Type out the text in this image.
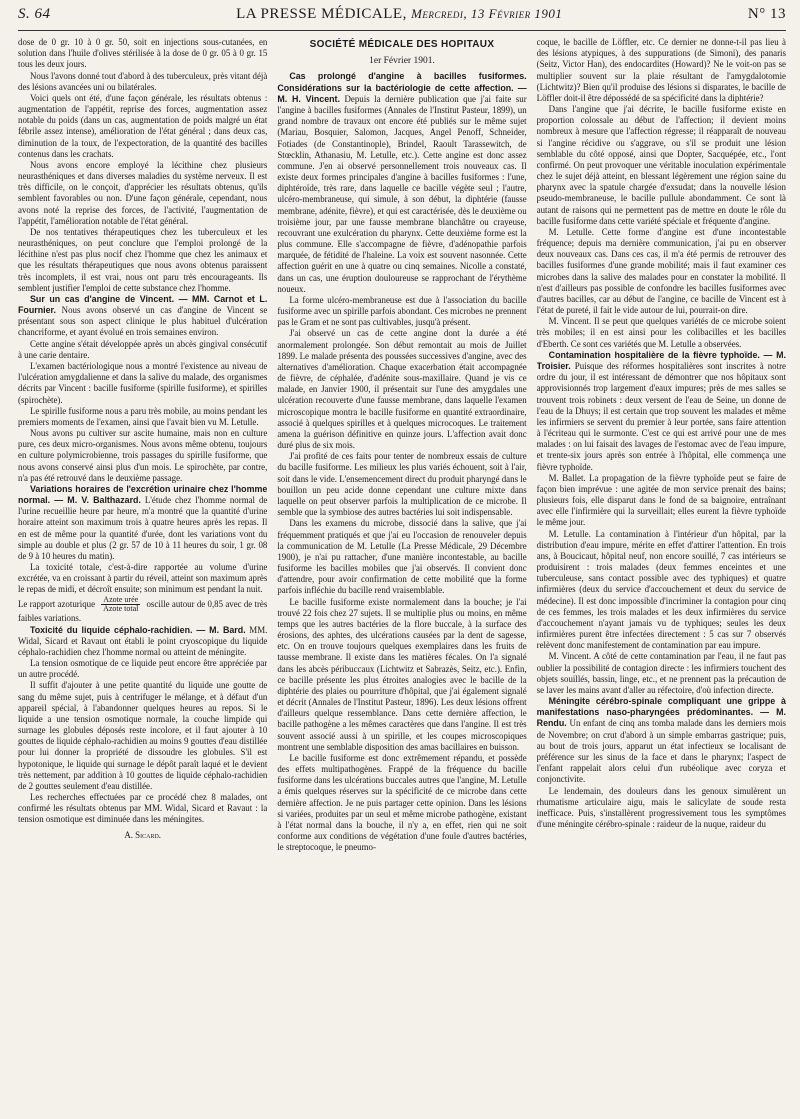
S. 64	LA PRESSE MÉDICALE, Mercredi, 13 Février 1901	N° 13

dose de 0 gr. 10 à 0 gr. 50, soit en injections sous-cutanées, en solution dans l'huile d'olives stérilisée à la dose de 0 gr. 05 à 0 gr. 15 tous les deux jours.

Nous l'avons donné tout d'abord à des tuberculeux, près vitant déjà des lésions avancées uni ou bilatérales.

Voici quels ont été, d'une façon générale, les résultats obtenus : augmentation de l'appétit, reprise des forces, augmentation assez notable du poids (dans un cas, augmentation de poids malgré un état fébrile assez intense), amélioration de l'état général ; dans deux cas, diminution de la toux, de l'expectoration, de la quantité des bacilles contenus dans les crachats.

Nous avons encore employé la lécithine chez plusieurs neurasthéniques et dans diverses maladies du système nerveux. Il est très difficile, on le conçoit, d'apprécier les résultats obtenus, qu'ils semblent favorables ou non. D'une façon générale, cependant, nous avons noté la reprise des forces, de l'activité, l'augmentation de l'appétit, l'amélioration notable de l'état général.

De nos tentatives thérapeutiques chez les tuberculeux et les neurasthéniques, on peut conclure que l'emploi prolongé de la lécithine n'est pas plus nocif chez l'homme que chez les animaux et que les résultats thérapeutiques que nous avons obtenus paraissent très incomplets, il est vrai, nous ont paru très encourageants. Ils semblent justifier l'emploi de cette substance chez l'homme.

Sur un cas d'angine de Vincent. — MM. Carnot et L. Fournier. Nous avons observé un cas d'angine de Vincent se présentant sous son aspect clinique le plus habituel d'ulcération chancriforme, et ayant évolué en trois semaines environ.

Cette angine s'était développée après un abcès gingival consécutif à une carie dentaire.

L'examen bactériologique nous a montré l'existence au niveau de l'ulcération amygdalienne et dans la salive du malade, des organismes décrits par Vincent : bacille fusiforme (spirille fusiforme), et spirilles (spirochète).

Le spirille fusiforme nous a paru très mobile, au moins pendant les premiers moments de l'examen, ainsi que l'avait bien vu M. Letulle.

Nous avons pu cultiver sur ascite humaine, mais non en culture pure, ces deux micro-organismes. Nous avons même obtenu, toujours en culture polymicrobienne, trois passages du spirille fusiforme, que nous avons conservé ainsi plus d'un mois. Le spirochète, par contre, n'a pas été retrouvé dans le deuxième passage.

Variations horaires de l'excrétion urinaire chez l'homme normal. — M. V. Balthazard. L'étude chez l'homme normal de l'urine recueillie heure par heure, m'a montré que la quantité d'urine horaire atteint son maximum trois à quatre heures après les repas. Il en est de même pour la quantité d'urée, dont les variations vont du simple au double et plus (2 gr. 57 de 10 à 11 heures du soir, 1 gr. 08 de 9 à 10 heures du matin).

La toxicité totale, c'est-à-dire rapportée au volume d'urine excrétée, va en croissant à partir du réveil, atteint son maximum après le repas de midi, et décroît ensuite; son minimum est pendant la nuit.

Le rapport azoturique $\frac{\text{Azote urée}}{\text{Azote total}}$ oscille autour de 0,85 avec de très faibles variations.

Toxicité du liquide céphalo-rachidien. — M. Bard. MM. Widal, Sicard et Ravaut ont établi le point cryoscopique du liquide céphalo-rachidien chez l'homme normal ou atteint de méningite.

La tension osmotique de ce liquide peut encore être appréciée par un autre procédé.

Il suffit d'ajouter à une petite quantité du liquide une goutte de sang du même sujet, puis à centrifuger le mélange, et à défaut d'un appareil spécial, à l'abandonner quelques heures au repos. Si le liquide a une tension osmotique normale, la couche limpide qui surnage les globules déposés reste incolore, et il faut ajouter à 10 gouttes de liquide céphalo-rachidien au moins 9 gouttes d'eau distillée pour lui donner la propriété de dissoudre les globules. S'il est hypotonique, le liquide qui surnage le dépôt paraît laqué et le devient très nettement, par addition à 10 gouttes de liquide céphalo-rachidien de 2 gouttes seulement d'eau distillée.

Les recherches effectuées par ce procédé chez 8 malades, ont confirmé les résultats obtenus par MM. Widal, Sicard et Ravaut : la tension osmotique est diminuée dans les méningites.

A. Sicard.
SOCIÉTÉ MÉDICALE DES HOPITAUX
1er Février 1901.

Cas prolongé d'angine à bacilles fusiformes. Considérations sur la bactériologie de cette affection. — M. H. Vincent. Depuis la dernière publication que j'ai faite sur l'angine à bacilles fusiformes (Annales de l'Institut Pasteur, 1899), un grand nombre de travaux ont encore été publiés sur le même sujet (Mariau, Bosquier, Salomon, Jacques, Angel Penoff, Schneider, Fotiades (de Constantinople), Brindel, Raoult Tarassewitch, de Stœcklin, Athanasiu, M. Letulle, etc.). Cette angine est donc assez commune. J'en ai observé personnellement trois nouveaux cas. Il existe deux formes principales d'angine à bacilles fusiformes : l'une, diphtéroïde, très rare, dans laquelle ce bacille végète seul ; l'autre, ulcéro-membraneuse, qui simule, à son début, la diphtérie (fausse membrane, adénite, fièvre), et qui est caractérisée, dès le deuxième ou troisième jour, par une fausse membrane blanchâtre ou crayeuse, recouvrant une exulcération du pharynx. Cette deuxième forme est la plus commune. Elle s'accompagne de fièvre, d'adénopathie parfois marquée, de fétidité de l'haleine. La voix est souvent nasonnée. Cette affection guérit en une à quatre ou cinq semaines. Nicolle a constaté, dans un cas, une éruption douloureuse se rapprochant de l'érythème noueux.

La forme ulcéro-membraneuse est due à l'association du bacille fusiforme avec un spirille parfois abondant. Ces microbes ne prennent pas le Gram et ne sont pas cultivables, jusqu'à présent.

J'ai observé un cas de cette angine dont la durée a été anormalement prolongée. Son début remontait au mois de Juillet 1899. Le malade présenta des poussées successives d'angine, avec des alternatives d'amélioration. Chaque exacerbation était accompagnée de fièvre, de céphalée, d'adénite sous-maxillaire. Quand je vis ce malade, en Janvier 1900, il présentait sur l'une des amygdales une ulcération recouverte d'une fausse membrane, dans laquelle l'examen microscopique montra le bacille fusiforme en quantité extraordinaire, associé à quelques spirilles et à quelques microcoques. Le traitement amena la guérison définitive en quinze jours. L'affection avait donc duré plus de six mois.

J'ai profité de ces faits pour tenter de nombreux essais de culture du bacille fusiforme. Les milieux les plus variés échouent, soit à l'air, soit dans le vide. L'ensemencement direct du produit pharyngé dans le bouillon un peu acide donne cependant une culture mixte dans laquelle on peut observer parfois la multiplication de ce microbe. Il semble que la symbiose des autres bactéries lui soit indispensable.

Dans les examens du microbe, dissocié dans la salive, que j'ai fréquemment pratiqués et que j'ai eu l'occasion de renouveler depuis la communication de M. Letulle (La Presse Médicale, 29 Décembre 1900), je n'ai pu rattacher, d'une manière incontestable, au bacille fusiforme les bacilles mobiles que j'ai observés. Il convient donc d'attendre, pour avoir confirmation de cette mobilité que la forme parfois infléchie du bacille rend vraisemblable.

Le bacille fusiforme existe normalement dans la bouche; je l'ai trouvé 22 fois chez 27 sujets. Il se multiplie plus ou moins, en même temps que les autres bactéries de la flore buccale, à la surface des érosions, des aphtes, des ulcérations causées par la dent de sagesse, etc. On en trouve toujours quelques exemplaires dans les fruits de tausse membrane. Il existe dans les matières fécales. On l'a signalé dans les abcès péribuccaux (Lichtwitz et Sabrazès, Seitz, etc.). Enfin, ce bacille présente les plus étroites analogies avec le bacille de la diphtérie des plaies ou pourriture d'hôpital, que j'ai également signalé et décrit (Annales de l'Institut Pasteur, 1896). Les deux lésions offrent d'ailleurs quelque ressemblance. Dans cette dernière affection, le bacille pathogène a les mêmes caractères que dans l'angine. Il est très souvent associé aussi à un spirille, et les coupes microscopiques montrent une semblable disposition des amas bacillaires en buisson.

Le bacille fusiforme est donc extrêmement répandu, et possède des effets multipathogènes. Frappé de la fréquence du bacille fusiforme dans les ulcérations buccales autres que l'angine, M. Letulle a émis quelques réserves sur la spécificité de ce microbe dans cette dernière affection. Je ne puis partager cette opinion. Dans les lésions si variées, produites par un seul et même microbe pathogène, existant à l'état normal dans la bouche, il n'y a, en effet, rien qui ne soit conforme aux conditions de végétation d'une foule d'autres bactéries, le streptocoque, le pneumo-

coque, le bacille de Löffler, etc. Ce dernier ne donne-t-il pas lieu à des lésions atypiques, à des suppurations (de Simoni), des panaris (Seitz, Victor Han), des endocardites (Howard)? Ne le voit-on pas se multiplier souvent sur la plaie résultant de l'amygdalotomie (Lichtwitz)? Bien qu'il produise des lésions si disparates, le bacille de Löffler doit-il être dépossédé de sa spécificité dans la diphtérie?

Dans l'angine que j'ai décrite, le bacille fusiforme existe en proportion colossale au début de l'affection; il devient moins nombreux à mesure que l'affection régresse; il réapparaît de nouveau si l'angine récidive ou s'aggrave, ou s'il se produit une lésion semblable du côté opposé, ainsi que Dopter, Sacquépée, etc., l'ont confirmé. On peut provoquer une véritable inoculation expérimentale chez le sujet déjà atteint, en blessant légèrement une région saine du pharynx avec la spatule chargée d'exsudat; dans la nouvelle lésion pseudo-membraneuse, le bacille pullule abondamment. Ce sont là autant de raisons qui ne permettent pas de mettre en doute le rôle du bacille fusiforme dans cette variété spéciale et fréquente d'angine.

M. Letulle. Cette forme d'angine est d'une incontestable fréquence; depuis ma dernière communication, j'ai pu en observer deux nouveaux cas. Dans ces cas, il m'a été permis de retrouver des bacilles fusiformes d'une grande mobilité; mais il faut examiner ces microbes dans la salive des malades pour en constater la mobilité. Il n'est d'ailleurs pas possible de confondre les bacilles fusiformes avec d'autres bacilles, car au début de l'angine, ce bacille de Vincent est à l'état de pureté, il fait le vide autour de lui, pourrait-on dire.

M. Vincent. Il se peut que quelques variétés de ce microbe soient très mobiles; il en est ainsi pour les colibacilles et les bacilles d'Eberth. Ce sont ces variétés que M. Letulle a observées.

Contamination hospitalière de la fièvre typhoïde. — M. Troisier. Puisque des réformes hospitalières sont inscrites à notre ordre du jour, il est intéressant de démontrer que nos hôpitaux sont approvisionnés trop largement d'eaux impures; près de mes salles se trouvent trois robinets : deux versent de l'eau de Seine, un donne de l'eau de la Dhuys; il est certain que trop souvent les malades et même les infirmiers se servent du premier à leur portée, sans faire attention à l'écriteau qui le surmonte. C'est ce qui est arrivé pour une de mes malades : on lui faisait des lavages de l'estomac avec de l'eau impure, et trente-six jours après son entrée à l'hôpital, elle commença une fièvre typhoïde.

M. Ballet. La propagation de la fièvre typhoïde peut se faire de façon bien imprévue : une agitée de mon service prenait des bains; plusieurs fois, elle disparut dans le fond de sa baignoire, entraînant avec elle l'infirmière qui la surveillait; elles eurent la fièvre typhoïde le même jour.

M. Letulle. La contamination à l'intérieur d'un hôpital, par la distribution d'eau impure, mérite en effet d'attirer l'attention. En trois ans, à Boucicaut, hôpital neuf, non encore souillé, 7 cas intérieurs se produisirent : trois malades (deux femmes enceintes et une tuberculeuse, sans contact possible avec des typhiques) et quatre infirmières (deux du service d'accouchement et deux du service de médecine). Il est donc impossible d'incriminer la contagion pour cinq de ces femmes, les trois malades et les deux infirmières du service d'accouchement n'ayant jamais vu de typhiques; seules les deux infirmières purent être infectées directement : 5 cas sur 7 observés relèvent donc manifestement de contamination par eau impure.

M. Vincent. A côté de cette contamination par l'eau, il ne faut pas oublier la possibilité de contagion directe : les infirmiers touchent des objets souillés, bassin, linge, etc., et ne prennent pas la précaution de se laver les mains avant d'aller au réfectoire, d'où infection directe.

Méningite cérébro-spinale compliquant une grippe à manifestations naso-pharyngées prédominantes. — M. Rendu. Un enfant de cinq ans tomba malade dans les derniers mois de Novembre; on crut d'abord à un simple embarras gastrique; puis, au bout de trois jours, apparut un état infectieux se localisant de préférence sur les sinus de la face et dans le pharynx; l'aspect de l'enfant rappelait alors celui d'un rubéolique avec coryza et conjonctivite.

Le lendemain, des douleurs dans les genoux simulèrent un rhumatisme articulaire aigu, mais le salicylate de soude resta inefficace. Puis, s'installèrent progressivement tous les symptômes d'une méningite cérébro-spinale : raideur de la nuque, raideur du
